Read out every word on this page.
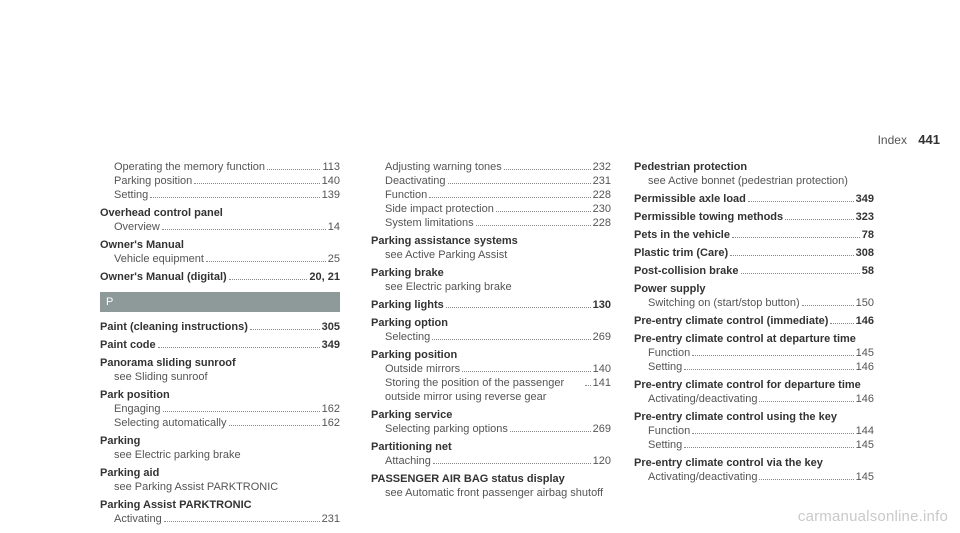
Index 441
Operating the memory function	113
Parking position	140
Setting	139
Overhead control panel
Overview	14
Owner's Manual
Vehicle equipment	25
Owner's Manual (digital)	20, 21
P
Paint (cleaning instructions)	305
Paint code	349
Panorama sliding sunroof
see Sliding sunroof
Park position
Engaging	162
Selecting automatically	162
Parking
see Electric parking brake
Parking aid
see Parking Assist PARKTRONIC
Parking Assist PARKTRONIC
Activating	231
Adjusting warning tones	232
Deactivating	231
Function	228
Side impact protection	230
System limitations	228
Parking assistance systems
see Active Parking Assist
Parking brake
see Electric parking brake
Parking lights	130
Parking option
Selecting	269
Parking position
Outside mirrors	140
Storing the position of the passenger outside mirror using reverse gear
141
Parking service
Selecting parking options	269
Partitioning net
Attaching	120
PASSENGER AIR BAG status display
see Automatic front passenger airbag shutoff
Pedestrian protection
see Active bonnet (pedestrian protection)
Permissible axle load	349
Permissible towing methods	323
Pets in the vehicle	78
Plastic trim (Care)	308
Post-collision brake	58
Power supply
Switching on (start/stop button)	150
Pre-entry climate control (immediate) 146
Pre-entry climate control at departure time
Function	145
Setting	146
Pre-entry climate control for departure time
Activating/deactivating	146
Pre-entry climate control using the key
Function	144
Setting	145
Pre-entry climate control via the key
Activating/deactivating	145
carmanualsonline.info
